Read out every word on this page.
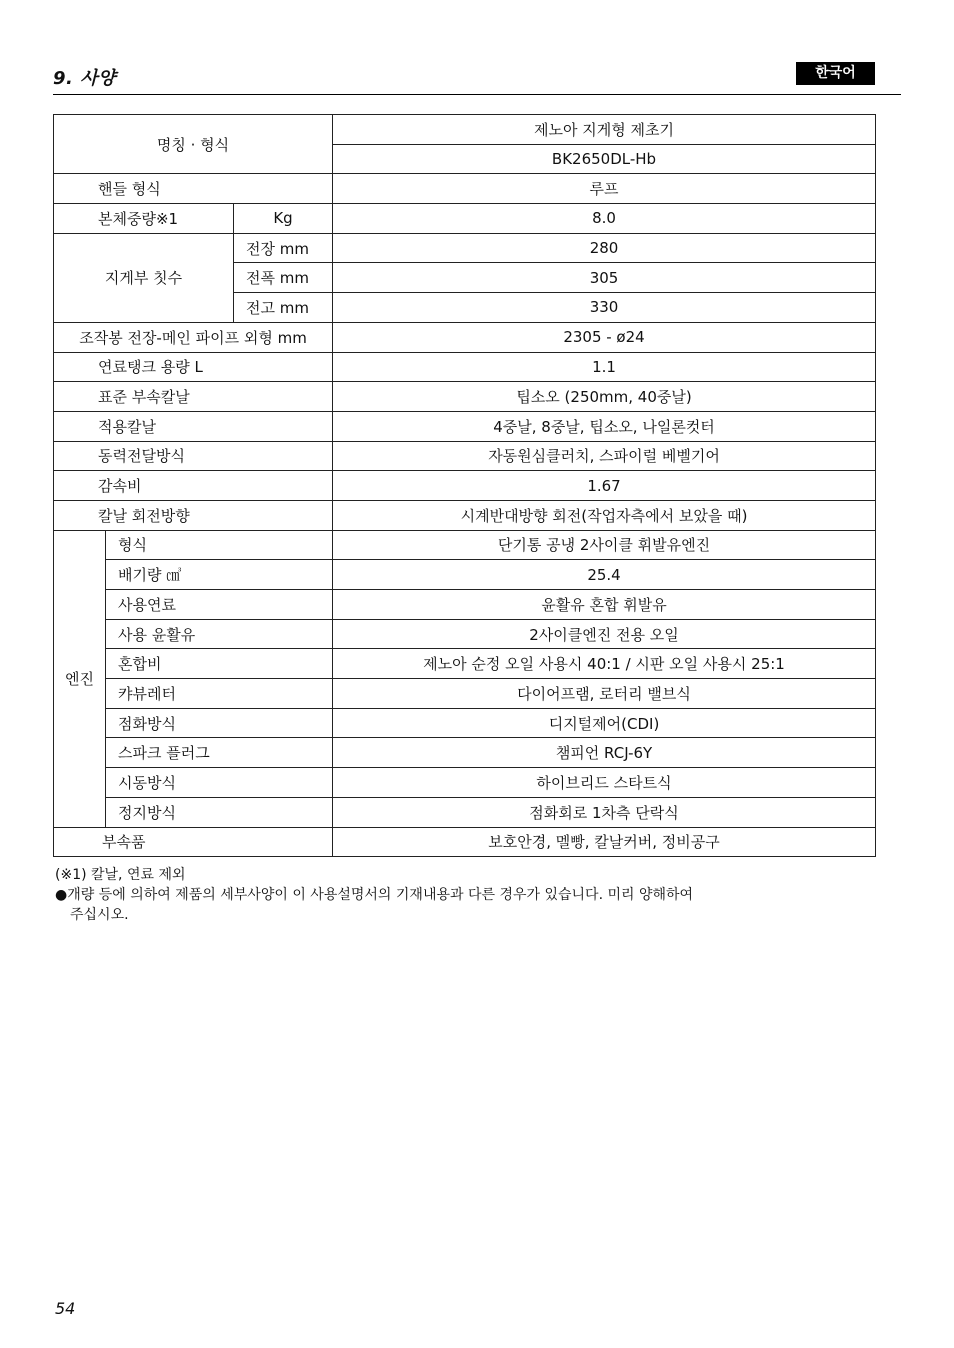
9. 사양	한국어
명칭 · 형식			제노아 지게형 제초기
			BK2650DL-Hb
핸들 형식			루프
본체중량※1		Kg	8.0
지게부 칫수		전장 mm	280
		전폭 mm	305
		전고 mm	330
조작봉 전장-메인 파이프 외형 mm			2305 - ø24
연료탱크 용량 L			1.1
표준 부속칼날			팁소오 (250mm, 40중날)
적용칼날			4중날, 8중날, 팁소오, 나일론컷터
동력전달방식			자동원심클러치, 스파이럴 베벨기어
감속비			1.67
칼날 회전방향			시계반대방향 회전(작업자측에서 보았을 때)
엔진	형식		단기통 공냉 2사이클 휘발유엔진
	배기량 ㎤		25.4
	사용연료		윤활유 혼합 휘발유
	사용 윤활유		2사이클엔진 전용 오일
	혼합비		제노아 순정 오일 사용시 40:1 / 시판 오일 사용시 25:1
	캬뷰레터		다이어프램, 로터리 밸브식
	점화방식		디지털제어(CDI)
	스파크 플러그		챔피언 RCJ-6Y
	시동방식		하이브리드 스타트식
	정지방식		점화회로 1차측 단락식
부속품			보호안경, 멜빵, 칼날커버, 정비공구
(※1) 칼날, 연료 제외
●개량 등에 의하여 제품의 세부사양이 이 사용설명서의 기재내용과 다른 경우가 있습니다. 미리 양해하여
주십시오.
54
